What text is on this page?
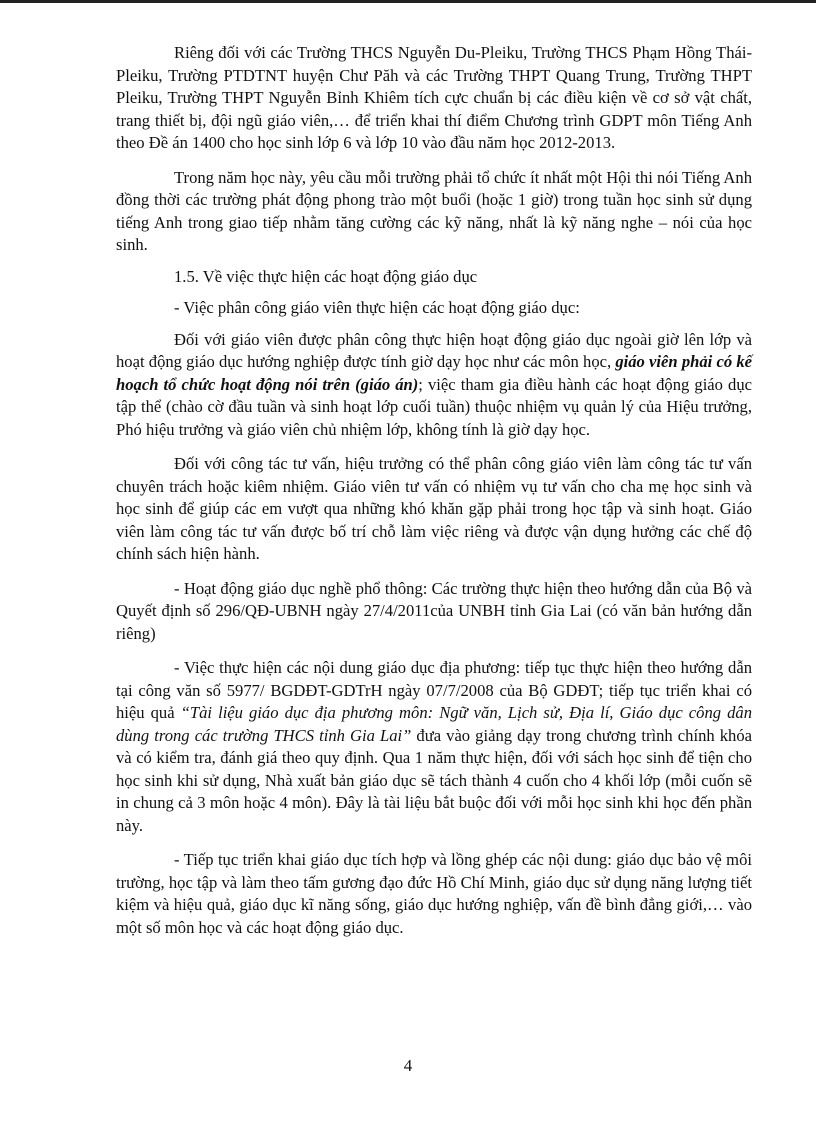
Riêng đối với các Trường THCS Nguyễn Du-Pleiku, Trường THCS Phạm Hồng Thái-Pleiku, Trường PTDTNT huyện Chư Păh và các Trường THPT Quang Trung, Trường THPT Pleiku, Trường THPT Nguyễn Bỉnh Khiêm tích cực chuẩn bị các điều kiện về cơ sở vật chất, trang thiết bị, đội ngũ giáo viên,… để triển khai thí điểm Chương trình GDPT môn Tiếng Anh theo Đề án 1400 cho học sinh lớp 6 và lớp 10 vào đầu năm học 2012-2013.

Trong năm học này, yêu cầu mỗi trường phải tổ chức ít nhất một Hội thi nói Tiếng Anh đồng thời các trường phát động phong trào một buổi (hoặc 1 giờ) trong tuần học sinh sử dụng tiếng Anh trong giao tiếp nhằm tăng cường các kỹ năng, nhất là kỹ năng nghe – nói của học sinh.

1.5. Về việc thực hiện các hoạt động giáo dục

- Việc phân công giáo viên thực hiện các hoạt động giáo dục:

Đối với giáo viên được phân công thực hiện hoạt động giáo dục ngoài giờ lên lớp và hoạt động giáo dục hướng nghiệp được tính giờ dạy học như các môn học, giáo viên phải có kế hoạch tổ chức hoạt động nói trên (giáo án); việc tham gia điều hành các hoạt động giáo dục tập thể (chào cờ đầu tuần và sinh hoạt lớp cuối tuần) thuộc nhiệm vụ quản lý của Hiệu trưởng, Phó hiệu trưởng và giáo viên chủ nhiệm lớp, không tính là giờ dạy học.

Đối với công tác tư vấn, hiệu trưởng có thể phân công giáo viên làm công tác tư vấn chuyên trách hoặc kiêm nhiệm. Giáo viên tư vấn có nhiệm vụ tư vấn cho cha mẹ học sinh và học sinh để giúp các em vượt qua những khó khăn gặp phải trong học tập và sinh hoạt. Giáo viên làm công tác tư vấn được bố trí chỗ làm việc riêng và được vận dụng hưởng các chế độ chính sách hiện hành.

- Hoạt động giáo dục nghề phổ thông: Các trường thực hiện theo hướng dẫn của Bộ và Quyết định số 296/QĐ-UBNH ngày 27/4/2011của UNBH tỉnh Gia Lai (có văn bản hướng dẫn riêng)

- Việc thực hiện các nội dung giáo dục địa phương: tiếp tục thực hiện theo hướng dẫn tại công văn số 5977/ BGDĐT-GDTrH ngày 07/7/2008 của Bộ GDĐT; tiếp tục triển khai có hiệu quả “Tài liệu giáo dục địa phương môn: Ngữ văn, Lịch sử, Địa lí, Giáo dục công dân dùng trong các trường THCS tỉnh Gia Lai” đưa vào giảng dạy trong chương trình chính khóa và có kiểm tra, đánh giá theo quy định. Qua 1 năm thực hiện, đối với sách học sinh để tiện cho học sinh khi sử dụng, Nhà xuất bản giáo dục sẽ tách thành 4 cuốn cho 4 khối lớp (mỗi cuốn sẽ in chung cả 3 môn hoặc 4 môn). Đây là tài liệu bắt buộc đối với mỗi học sinh khi học đến phần này.

- Tiếp tục triển khai giáo dục tích hợp và lồng ghép các nội dung: giáo dục bảo vệ môi trường, học tập và làm theo tấm gương đạo đức Hồ Chí Minh, giáo dục sử dụng năng lượng tiết kiệm và hiệu quả, giáo dục kĩ năng sống, giáo dục hướng nghiệp, vấn đề bình đẳng giới,… vào một số môn học và các hoạt động giáo dục.

4
